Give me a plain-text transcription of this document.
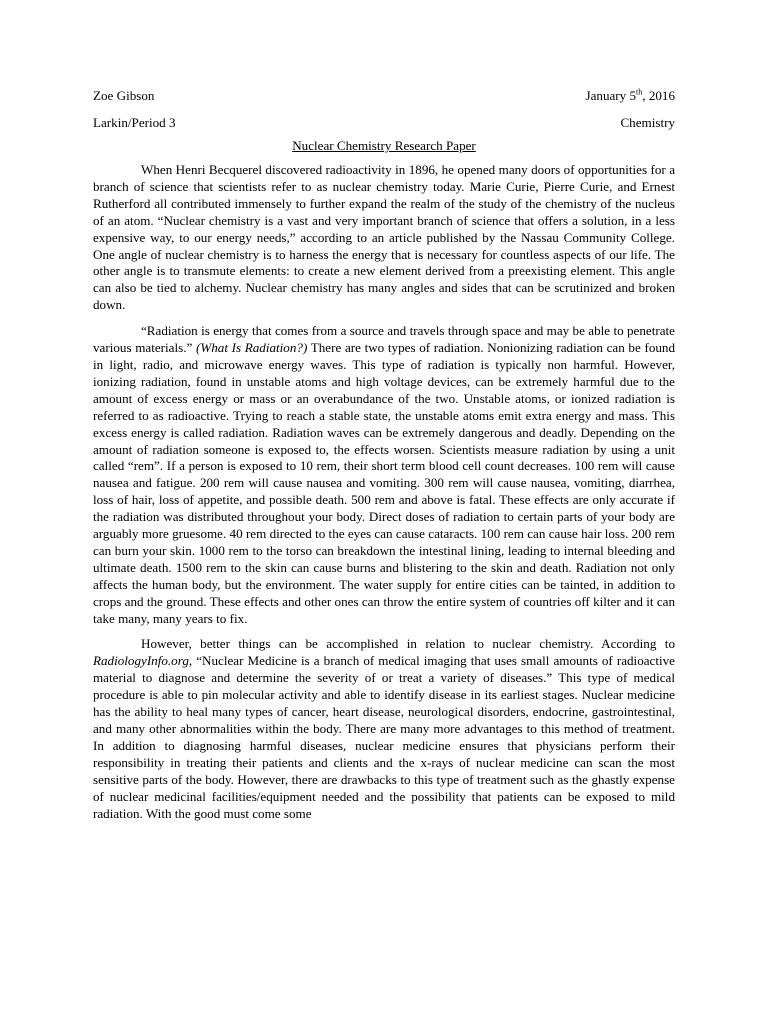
Zoe Gibson	January 5th, 2016
Larkin/Period 3	Chemistry
Nuclear Chemistry Research Paper

When Henri Becquerel discovered radioactivity in 1896, he opened many doors of opportunities for a branch of science that scientists refer to as nuclear chemistry today. Marie Curie, Pierre Curie, and Ernest Rutherford all contributed immensely to further expand the realm of the study of the chemistry of the nucleus of an atom. “Nuclear chemistry is a vast and very important branch of science that offers a solution, in a less expensive way, to our energy needs,” according to an article published by the Nassau Community College. One angle of nuclear chemistry is to harness the energy that is necessary for countless aspects of our life. The other angle is to transmute elements: to create a new element derived from a preexisting element. This angle can also be tied to alchemy. Nuclear chemistry has many angles and sides that can be scrutinized and broken down.

“Radiation is energy that comes from a source and travels through space and may be able to penetrate various materials.” (What Is Radiation?) There are two types of radiation. Nonionizing radiation can be found in light, radio, and microwave energy waves. This type of radiation is typically non harmful. However, ionizing radiation, found in unstable atoms and high voltage devices, can be extremely harmful due to the amount of excess energy or mass or an overabundance of the two. Unstable atoms, or ionized radiation is referred to as radioactive. Trying to reach a stable state, the unstable atoms emit extra energy and mass. This excess energy is called radiation. Radiation waves can be extremely dangerous and deadly. Depending on the amount of radiation someone is exposed to, the effects worsen. Scientists measure radiation by using a unit called “rem”. If a person is exposed to 10 rem, their short term blood cell count decreases. 100 rem will cause nausea and fatigue. 200 rem will cause nausea and vomiting. 300 rem will cause nausea, vomiting, diarrhea, loss of hair, loss of appetite, and possible death. 500 rem and above is fatal. These effects are only accurate if the radiation was distributed throughout your body. Direct doses of radiation to certain parts of your body are arguably more gruesome. 40 rem directed to the eyes can cause cataracts. 100 rem can cause hair loss. 200 rem can burn your skin. 1000 rem to the torso can breakdown the intestinal lining, leading to internal bleeding and ultimate death. 1500 rem to the skin can cause burns and blistering to the skin and death. Radiation not only affects the human body, but the environment. The water supply for entire cities can be tainted, in addition to crops and the ground. These effects and other ones can throw the entire system of countries off kilter and it can take many, many years to fix.

However, better things can be accomplished in relation to nuclear chemistry. According to RadiologyInfo.org, “Nuclear Medicine is a branch of medical imaging that uses small amounts of radioactive material to diagnose and determine the severity of or treat a variety of diseases.” This type of medical procedure is able to pin molecular activity and able to identify disease in its earliest stages. Nuclear medicine has the ability to heal many types of cancer, heart disease, neurological disorders, endocrine, gastrointestinal, and many other abnormalities within the body. There are many more advantages to this method of treatment. In addition to diagnosing harmful diseases, nuclear medicine ensures that physicians perform their responsibility in treating their patients and clients and the x-rays of nuclear medicine can scan the most sensitive parts of the body. However, there are drawbacks to this type of treatment such as the ghastly expense of nuclear medicinal facilities/equipment needed and the possibility that patients can be exposed to mild radiation. With the good must come some
